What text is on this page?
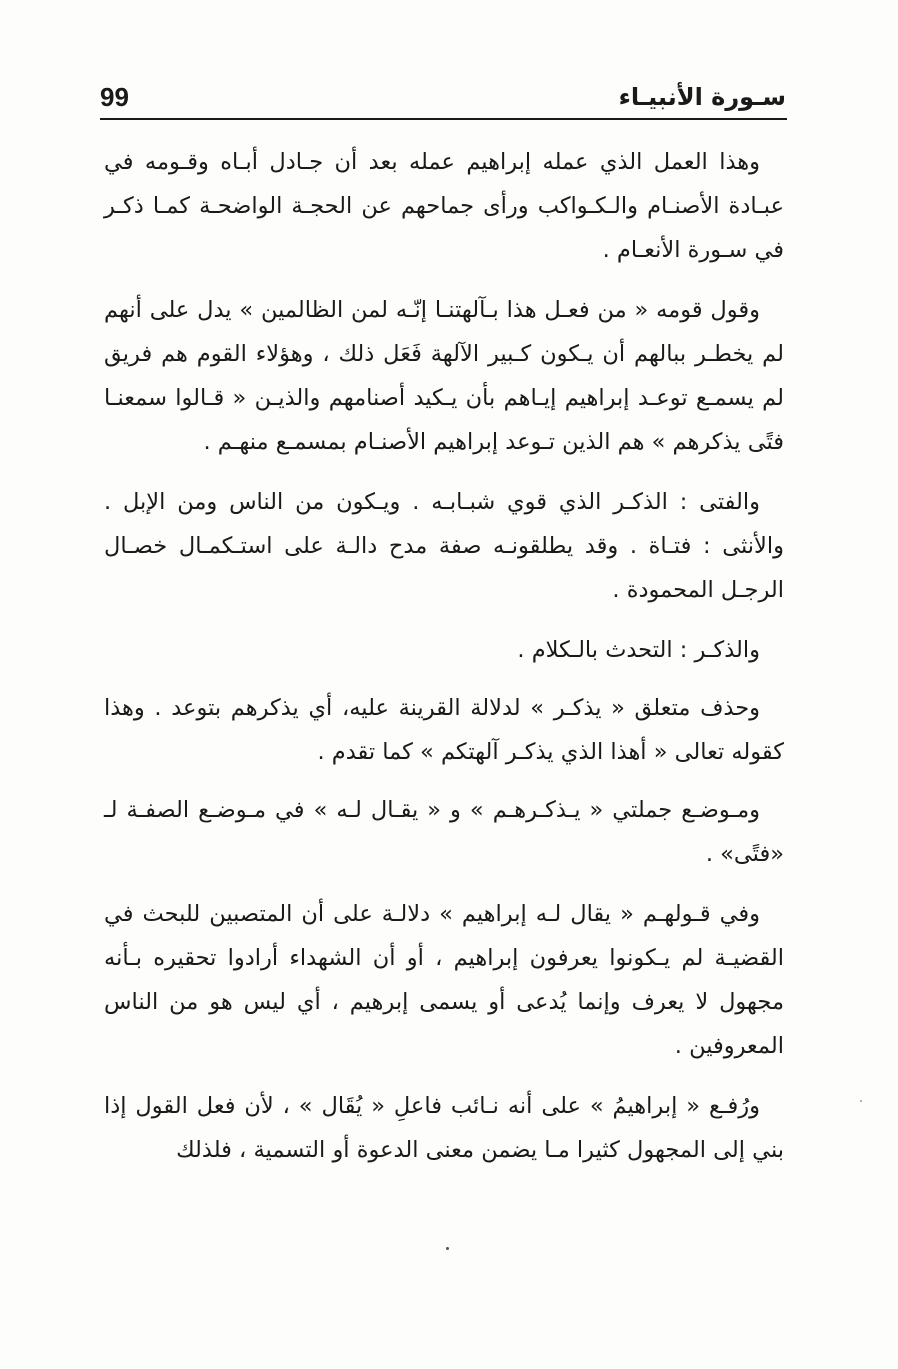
سـورة الأنبيـاء
99

وهذا العمل الذي عمله إبراهيم عمله بعد أن جـادل أبـاه وقـومه في عبـادة الأصنـام والـكـواكب ورأى جماحهم عن الحجـة الواضحـة كمـا ذكـر في سـورة الأنعـام .

وقول قومه « من فعـل هذا بـآلهتنـا إنّـه لمن الظالمين » يدل على أنهم لم يخطـر ببالهم أن يـكون كـبير الآلهة فَعَل ذلك ، وهؤلاء القوم هم فريق لم يسمـع توعـد إبراهيم إيـاهم بأن يـكيد أصنامهم والذيـن « قـالوا سمعنـا فتًى يذكرهم » هم الذين تـوعد إبراهيم الأصنـام بمسمـع منهـم .

والفتى : الذكـر الذي قوي شبـابـه . ويـكون من الناس ومن الإبل . والأنثى : فتـاة . وقد يطلقونـه صفة مدح دالـة على استـكمـال خصـال الرجـل المحمودة .

والذكـر : التحدث بالـكلام .

وحذف متعلق « يذكـر » لدلالة القرينة عليه، أي يذكرهم بتوعد . وهذا كقوله تعالى « أهذا الذي يذكـر آلهتكم » كما تقدم .

ومـوضـع جملتي « يـذكـرهـم » و « يقـال لـه » في مـوضـع الصفـة لـ «فتًى» .

وفي قـولهـم « يقال لـه إبراهيم » دلالـة على أن المتصبين للبحث في القضيـة لم يـكونوا يعرفون إبراهيم ، أو أن الشهداء أرادوا تحقيره بـأنه مجهول لا يعرف وإنما يُدعى أو يسمى إبرهيم ، أي ليس هو من الناس المعروفين .

ورُفـع « إبراهيمُ » على أنه نـائب فاعلِ « يُقَال » ، لأن فعل القول إذا بني إلى المجهول كثيرا مـا يضمن معنى الدعوة أو التسمية ، فلذلك
